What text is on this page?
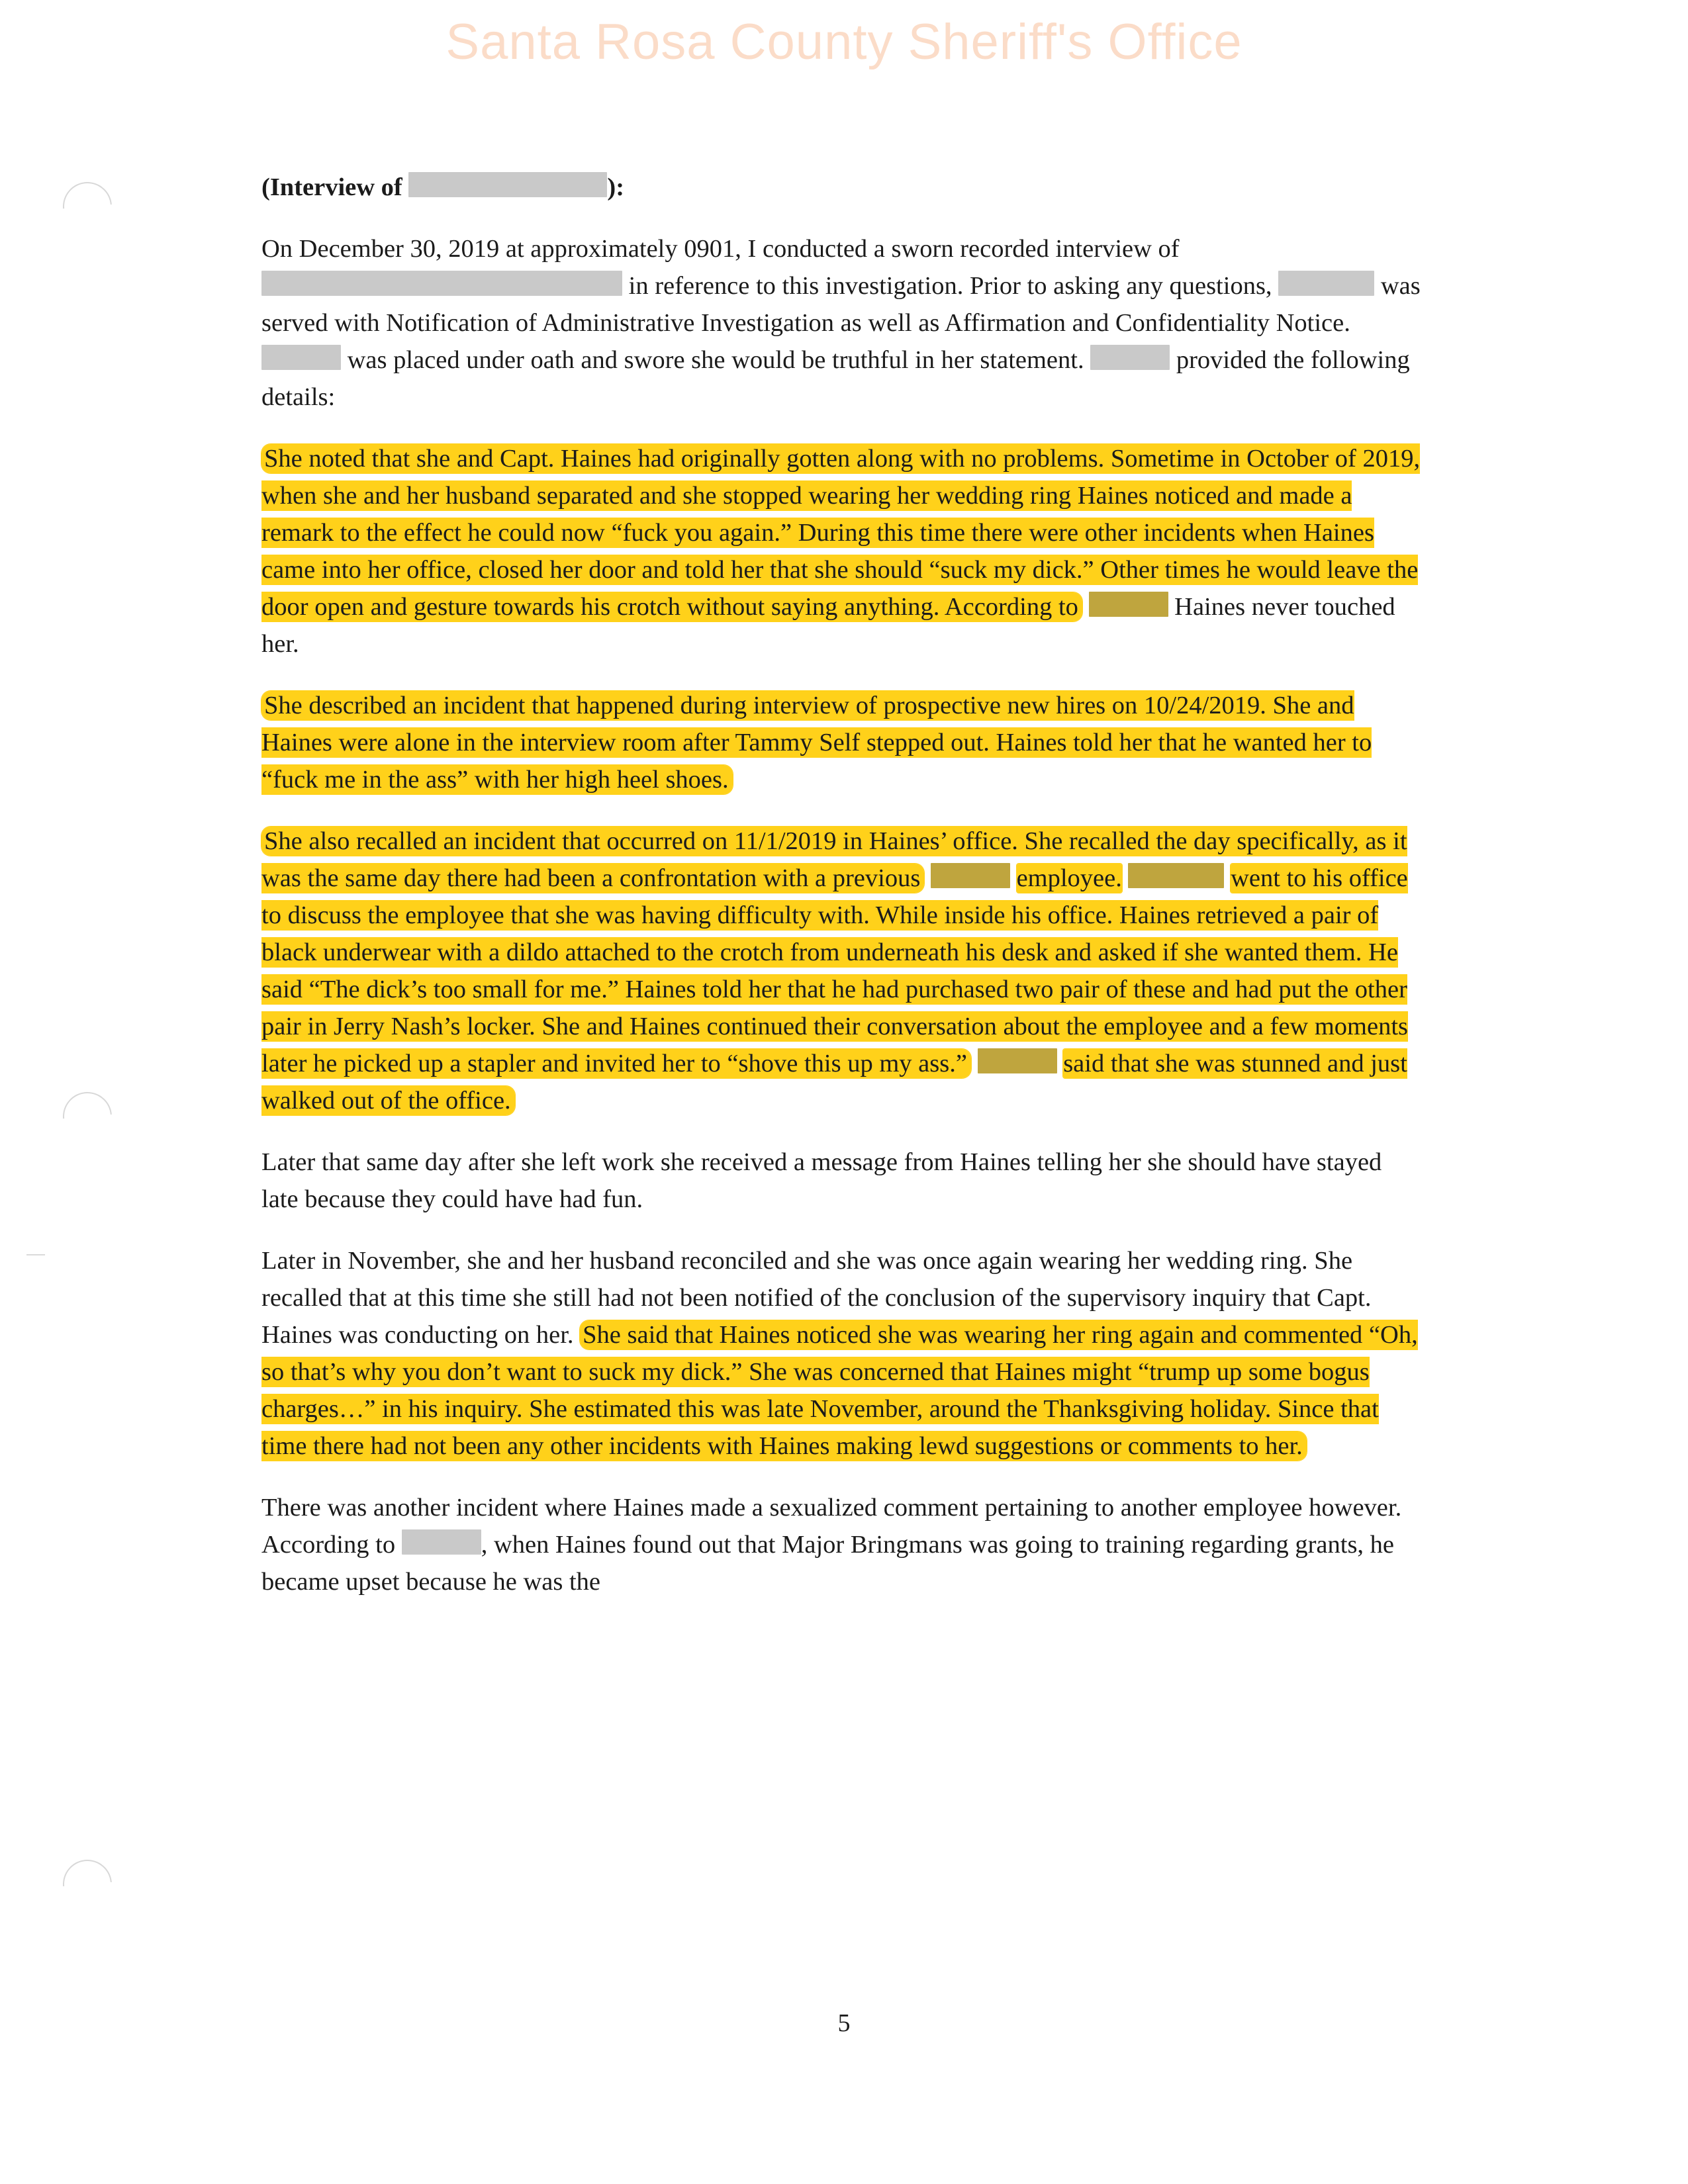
Santa Rosa County Sheriff's Office

(Interview of	):

On December 30, 2019 at approximately 0901, I conducted a sworn recorded interview of  in reference to this investigation. Prior to asking any questions,	was served with Notification of Administrative Investigation as well as Affirmation and Confidentiality Notice.  was placed under oath and swore she would be truthful in her statement.	provided the following details:

She noted that she and Capt. Haines had originally gotten along with no problems. Sometime in October of 2019, when she and her husband separated and she stopped wearing her wedding ring Haines noticed and made a remark to the effect he could now “fuck you again.” During this time there were other incidents when Haines came into her office, closed her door and told her that she should “suck my dick.” Other times he would leave the door open and gesture towards his crotch without saying anything. According to	Haines never touched her.

She described an incident that happened during interview of prospective new hires on 10/24/2019. She and Haines were alone in the interview room after Tammy Self stepped out. Haines told her that he wanted her to “fuck me in the ass” with her high heel shoes.

She also recalled an incident that occurred on 11/1/2019 in Haines’ office. She recalled the day specifically, as it was the same day there had been a confrontation with a previous	employee.	went to his office to discuss the employee that she was having difficulty with. While inside his office. Haines retrieved a pair of black underwear with a dildo attached to the crotch from underneath his desk and asked if she wanted them. He said “The dick’s too small for me.” Haines told her that he had purchased two pair of these and had put the other pair in Jerry Nash’s locker. She and Haines continued their conversation about the employee and a few moments later he picked up a stapler and invited her to “shove this up my ass.”	said that she was stunned and just walked out of the office.

Later that same day after she left work she received a message from Haines telling her she should have stayed late because they could have had fun.

Later in November, she and her husband reconciled and she was once again wearing her wedding ring. She recalled that at this time she still had not been notified of the conclusion of the supervisory inquiry that Capt. Haines was conducting on her. She said that Haines noticed she was wearing her ring again and commented “Oh, so that’s why you don’t want to suck my dick.” She was concerned that Haines might “trump up some bogus charges…” in his inquiry. She estimated this was late November, around the Thanksgiving holiday. Since that time there had not been any other incidents with Haines making lewd suggestions or comments to her.

There was another incident where Haines made a sexualized comment pertaining to another employee however. According to	, when Haines found out that Major Bringmans was going to training regarding grants, he became upset because he was the

5
